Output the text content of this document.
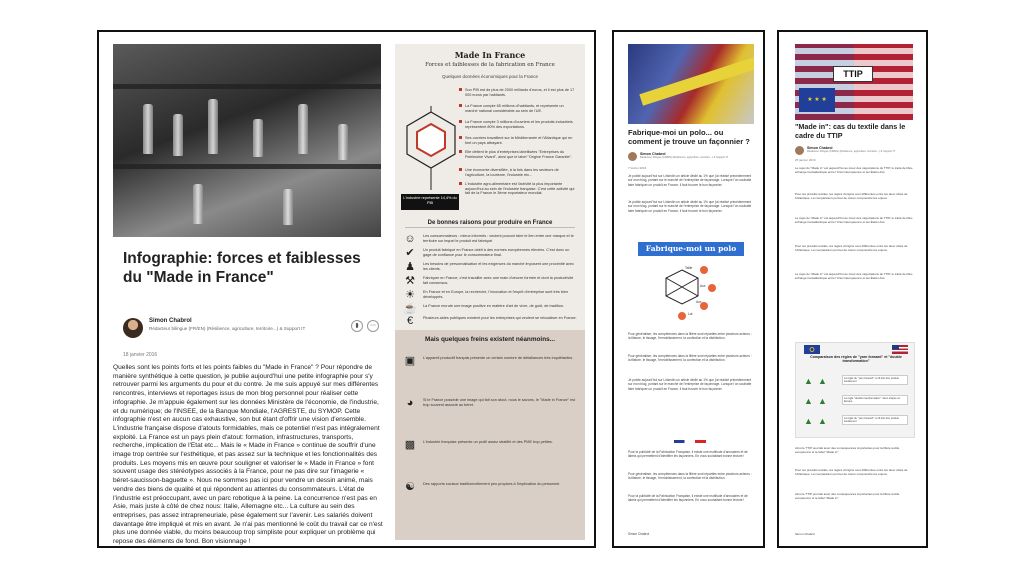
Infographie: forces et faiblesses du "Made in France"
Simon Chabrol
Rédacteur bilingue (FR/EN) (Résilience, agriculture, territoire...) & Support IT	▮	⋯
18 janvier 2016
Quelles sont les points forts et les points faibles du "Made in France" ? Pour répondre de manière synthétique à cette question, je publie aujourd'hui une petite infographie pour s'y retrouver parmi les arguments du pour et du contre. Je me suis appuyé sur mes différentes rencontres, interviews et reportages issus de mon blog personnel pour réaliser cette infographie. Je m'appuie également sur les données Ministère de l'économie, de l'industrie, et du numérique; de l'INSEE, de la Banque Mondiale, l'AGRESTE, du SYMOP. Cette infographie n'est en aucun cas exhaustive, son but étant d'offrir une vision d'ensemble. L'industrie française dispose d'atouts formidables, mais ce potentiel n'est pas intégralement exploité. La France est un pays plein d'atout: formation, infrastructures, transports, recherche, implication de l'Etat etc... Mais le « Made in France » continue de souffrir d'une image trop centrée sur l'esthétique, et pas assez sur la technique et les fonctionnalités des produits. Les moyens mis en œuvre pour souligner et valoriser le « Made in France » font souvent usage des stéréotypes associés à la France, pour ne pas dire sur l'imagerie « béret-saucisson-baguette ». Nous ne sommes pas ici pour vendre un dessin animé, mais vendre des biens de qualité et qui répondent au attentes du consommateurs. L'état de l'industrie est préoccupant, avec un parc robotique à la peine. La concurrence n'est pas en Asie, mais juste à côté de chez nous: Italie, Allemagne etc... La culture au sein des entreprises, pas assez intrapreneuriale, pèse également sur l'avenir. Les salariés doivent davantage être impliqué et mis en avant. Je n'ai pas mentionné le coût du travail car ce n'est plus une donnée viable, du moins beaucoup trop simpliste pour expliquer un problème qui repose des éléments de fond. Bon visionnage !
Made In France
Forces et faiblesses de la fabrication en France
Quelques données économiques pour la France
L'industrie représente 14,4% du PIB
Son PIB est de plus de 2000 milliards d'euros, et il est plus de 17 000 euros par habitants.
La France compte 65 millions d'habitants, et représente un marché national considérable au sein de l'UE.
La France compte 3 millions d'ouvriers et les produits industriels représentent 80% des exportations.
Ses ouvriers travaillent sur la Méditerranée et l'Atlantique qui en font un pays attrayant.
Elle détient le plus d'entreprises labellisées "Entreprises du Patrimoine Vivant", ainsi que le label "Origine France Garantie".
Une économie diversifiée, à la fois dans les secteurs de l'agriculture, la tourisme, l'industrie etc...
L'industrie agro-alimentaire est l'activité la plus importante aujourd'hui au sein de l'industrie française. C'est cette activité qui fait de la France le 3ème exportateur mondial.
De bonnes raisons pour produire en France
☺	Les consommateurs : mieux informés : veulent pouvoir faire le lien entre une marque et le territoire sur lequel le produit est fabriqué.
✔	Un produit fabriqué en France obéit à des normes européennes élevées. C'est donc un gage de confiance pour le consommateur final.
♟	Les besoins de personnalisation et les exigences du marché imposent une proximité avec les clients.
⚒	Fabriquer en France, c'est travailler avec une main d'œuvre formée et dont la productivité fait consensus.
☀	En France et en Europe, la recherche, l'innovation et l'esprit d'entreprise sont très bien développés.
☕ La France recrute une image positive en matière d'art de vivre, de goût, de tradition.
€	Plusieurs aides publiques existent pour les entreprises qui veulent se relocaliser en France.
Mais quelques freins existent néanmoins...
▣	L'appareil productif français présente un certain nombre de défaillances très inquiétantes.
◕	Si le France possède une image qui fait son atout, nous le savons, le "Made in France" est trop souvent associé au béret.
▩	L'industrie française présente un profil assez stratifié et des PME trop petites.
☯	Des rapports sociaux traditionnellement peu propices à l'implication du personnel.
Fabrique-moi un polo... ou comment je trouve un façonnier ?
Simon Chabrol
Rédacteur bilingue (FR/EN) (Résilience, agriculture, territoire...) & Support IT
7 février 2016
Je publie aujourd'hui sur LinkedIn un article dédié au 1% que j'ai réalisé précédemment sur mon blog, portant sur le marché de l'entreprise de façonnage. Lorsque l'on souhaite faire fabriquer un produit en France, il faut trouver le bon façonnier.
Je publie aujourd'hui sur LinkedIn un article dédié au 1% que j'ai réalisé précédemment sur mon blog, portant sur le marché de l'entreprise de façonnage. Lorsque l'on souhaite faire fabriquer un produit en France, il faut trouver le bon façonnier.
Fabrique-moi un polo
Taille
Lot
Aux
Aux
Pour généraliser, les compétences dans la filière sont réparties entre plusieurs acteurs : la filature, le tissage, l'ennoblissement, la confection et la distribution.
Pour généraliser, les compétences dans la filière sont réparties entre plusieurs acteurs : la filature, le tissage, l'ennoblissement, la confection et la distribution.
Je publie aujourd'hui sur LinkedIn un article dédié au 1% que j'ai réalisé précédemment sur mon blog, portant sur le marché de l'entreprise de façonnage. Lorsque l'on souhaite faire fabriquer un produit en France, il faut trouver le bon façonnier.
Pour la publicité de la Fabrication Française, il existe une multitude d'annuaires et de labels qui permettent d'identifier les façonniers. En vous souhaitant bonne lecture !
Pour généraliser, les compétences dans la filière sont réparties entre plusieurs acteurs : la filature, le tissage, l'ennoblissement, la confection et la distribution.
Pour la publicité de la Fabrication Française, il existe une multitude d'annuaires et de labels qui permettent d'identifier les façonniers. En vous souhaitant bonne lecture !
Simon Chabrol
TTIP
★ ★ ★
"Made in": cas du textile dans le cadre du TTIP
Simon Chabrol
Rédacteur bilingue (FR/EN) (Résilience, agriculture, territoire...) & Support IT
25 janvier 2016
Le sujet du "Made in" est aujourd'hui au cœur des négociations du TTIP, le traité de libre-échange transatlantique entre l'Union Européenne et les États-Unis.
Pour les produits textiles, les règles d'origine sont différentes entre les deux côtés de l'Atlantique. La comparaison permet de mieux comprendre les enjeux.
Le sujet du "Made in" est aujourd'hui au cœur des négociations du TTIP, le traité de libre-échange transatlantique entre l'Union Européenne et les États-Unis.
Pour les produits textiles, les règles d'origine sont différentes entre les deux côtés de l'Atlantique. La comparaison permet de mieux comprendre les enjeux.
Le sujet du "Made in" est aujourd'hui au cœur des négociations du TTIP, le traité de libre-échange transatlantique entre l'Union Européenne et les États-Unis.
Comparaison des règles de "yarn forward" et "double transformation"
▲ ▲	La règle du "yarn forward": le fil doit être produit localement
▲ ▲	La règle "double transformation": deux étapes en Europe
▲ ▲	La règle du "yarn forward": le fil doit être produit localement
Ainsi le TTIP pourrait avoir des conséquences importantes pour la filière textile européenne et le label "Made in".
Pour les produits textiles, les règles d'origine sont différentes entre les deux côtés de l'Atlantique. La comparaison permet de mieux comprendre les enjeux.
Ainsi le TTIP pourrait avoir des conséquences importantes pour la filière textile européenne et le label "Made in".
Simon Chabrol
